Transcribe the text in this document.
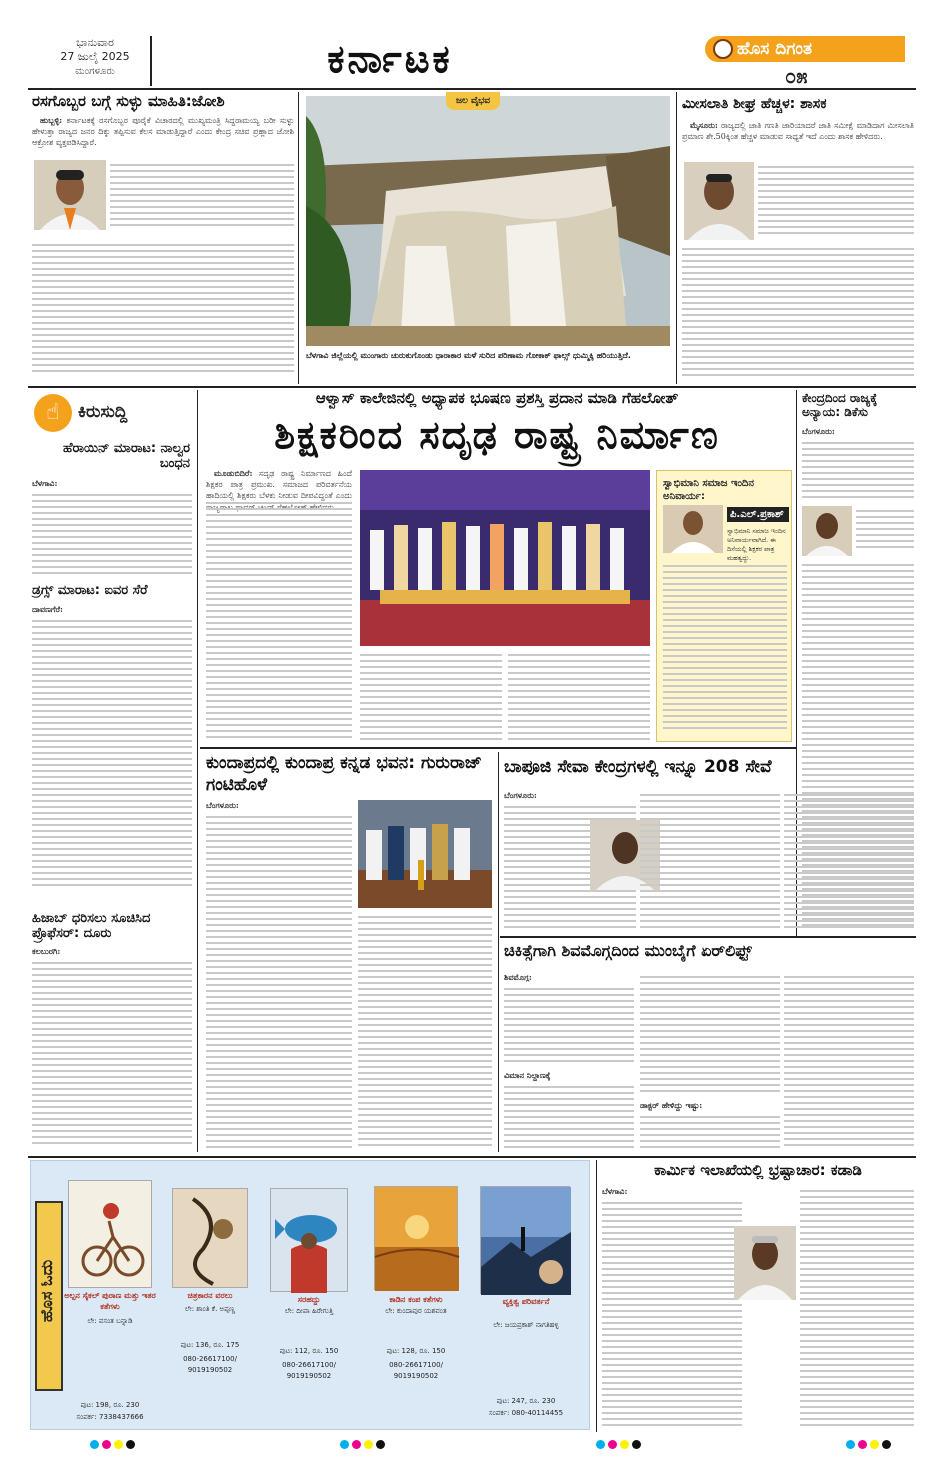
ಭಾನುವಾರ
27 ಜುಲೈ 2025
ಮಂಗಳೂರು	ಕರ್ನಾಟಕ	ಹೊಸ ದಿಗಂತ
೦೫
ರಸಗೊಬ್ಬರ ಬಗ್ಗೆ ಸುಳ್ಳು ಮಾಹಿತಿ:ಜೋಶಿ

ಹುಬ್ಬಳ್ಳಿ: ಕರ್ನಾಟಕಕ್ಕೆ ರಸಗೊಬ್ಬರ ಪೂರೈಕೆ ವಿಚಾರದಲ್ಲಿ ಮುಖ್ಯಮಂತ್ರಿ ಸಿದ್ದರಾಮಯ್ಯ ಬರೀ ಸುಳ್ಳು ಹೇಳುತ್ತಾ ರಾಜ್ಯದ ಜನರ ದಿಕ್ಕು ತಪ್ಪಿಸುವ ಕೆಲಸ ಮಾಡುತ್ತಿದ್ದಾರೆ ಎಂದು ಕೇಂದ್ರ ಸಚಿವ ಪ್ರಹ್ಲಾದ ಜೋಶಿ ಆಕ್ರೋಶ ವ್ಯಕ್ತಪಡಿಸಿದ್ದಾರೆ.

ಜಲ ವೈಭವ
ಬೆಳಗಾವಿ ಜಿಲ್ಲೆಯಲ್ಲಿ ಮುಂಗಾರು ಚುರುಕುಗೊಂಡು ಧಾರಾಕಾರ ಮಳೆ ಸುರಿದ ಪರಿಣಾಮ ಗೋಕಾಕ್ ಫಾಲ್ಸ್ ಧುಮ್ಮಿಕ್ಕಿ ಹರಿಯುತ್ತಿದೆ.
ಮೀಸಲಾತಿ ಶೀಘ್ರ ಹೆಚ್ಚಳ: ಶಾಸಕ

ಮೈಸೂರು: ರಾಜ್ಯದಲ್ಲಿ ಜಾತಿ ಗಣತಿ ಜಾರಿಯಾದರೆ ಜಾತಿ ಸಮೀಕ್ಷೆ ಮಾಡಿದಾಗ ಮೀಸಲಾತಿ ಪ್ರಮಾಣ ಶೇ.50ಕ್ಕಿಂತ ಹೆಚ್ಚಳ ಮಾಡುವ ಸಾಧ್ಯತೆ ಇದೆ ಎಂದು ಶಾಸಕ ಹೇಳಿದರು.

☝	ಕಿರುಸುದ್ದಿ
ಹೆರಾಯಿನ್ ಮಾರಾಟ: ನಾಲ್ವರ ಬಂಧನ
ಬೆಳಗಾವಿ:
ಡ್ರಗ್ಸ್ ಮಾರಾಟ: ಐವರ ಸೆರೆ
ದಾವಣಗೆರೆ:
ಹಿಜಾಬ್ ಧರಿಸಲು ಸೂಚಿಸಿದ ಪ್ರೊಫೆಸರ್: ದೂರು
ಕಲಬುರಗಿ:
ಆಳ್ವಾಸ್ ಕಾಲೇಜಿನಲ್ಲಿ ಅಧ್ಯಾಪಕ ಭೂಷಣ ಪ್ರಶಸ್ತಿ ಪ್ರದಾನ ಮಾಡಿ ಗೆಹಲೋತ್
ಶಿಕ್ಷಕರಿಂದ ಸದೃಢ ರಾಷ್ಟ್ರ ನಿರ್ಮಾಣ

ಮೂಡುಬಿದಿರೆ: ಸದೃಢ ರಾಷ್ಟ್ರ ನಿರ್ಮಾಣದ ಹಿಂದೆ ಶಿಕ್ಷಕರ ಪಾತ್ರ ಪ್ರಮುಖ. ಸಮಾಜದ ಪರಿವರ್ತನೆಯ ಹಾದಿಯಲ್ಲಿ ಶಿಕ್ಷಕರು ಬೆಳಕು ನೀಡುವ ದೀಪವಿದ್ದಂತೆ ಎಂದು

ಸ್ವಾಭಿಮಾನಿ ಸಮಾಜ ಇಂದಿನ ಅನಿವಾರ್ಯ:
ಪಿ.ಎಲ್.ಪ್ರಕಾಶ್
ಸ್ವಾಭಿಮಾನಿ ಸಮಾಜ ಇಂದಿನ ಅನಿವಾರ್ಯವಾಗಿದೆ. ಈ ದಿಸೆಯಲ್ಲಿ ಶಿಕ್ಷಕರ ಪಾತ್ರ ಮಹತ್ವದ್ದು.
ಕೇಂದ್ರದಿಂದ ರಾಜ್ಯಕ್ಕೆ ಅನ್ಯಾಯ: ಡಿಕೆಸು
ಬೆಂಗಳೂರು:
ಕುಂದಾಪ್ರದಲ್ಲಿ ಕುಂದಾಪ್ರ ಕನ್ನಡ ಭವನ: ಗುರುರಾಜ್ ಗಂಟಿಹೊಳೆ
ಬೆಂಗಳೂರು:
ಬಾಪೂಜಿ ಸೇವಾ ಕೇಂದ್ರಗಳಲ್ಲಿ ಇನ್ನೂ 208 ಸೇವೆ
ಬೆಂಗಳೂರು:
ಚಿಕಿತ್ಸೆಗಾಗಿ ಶಿವಮೊಗ್ಗದಿಂದ ಮುಂಬೈಗೆ ಏರ್‌ಲಿಫ್ಟ್
ಶಿವಮೊಗ್ಗ:
ವಿಮಾನ ನಿಲ್ದಾಣಕ್ಕೆ
ಡಾಕ್ಟರ್ ಹೇಳಿದ್ದು ಇಷ್ಟು:
ಹೊಸ ಓದು ಅಲ್ಪನ ಸೈಕಲ್ ಪುರಾಣ ಮತ್ತು ಇತರ ಕತೆಗಳು
ಲೇ: ವಸಂತ ಬನ್ನಾಡಿ
ಪುಟ: 198, ರೂ. 230
ಸಂಪರ್ಕ: 7338437666
ಚಿತ್ರಕಾರನ ವರಲು
ಲೇ: ಶಾಂತಿ ಕೆ. ಅಪ್ಪಣ್ಣ
ಪುಟ: 136, ರೂ. 175
080-26617100/ 9019190502
ಸರಹದ್ದು
ಲೇ: ದೀಪಾ ಹಿರೇಗುತ್ತಿ
ಪುಟ: 112, ರೂ. 150
080-26617100/ 9019190502
ಕಾಡಿನ ಕಂಪ ಕತೆಗಳು
ಲೇ: ಕುಂದಾಪುರ ಯಶವಂತ
ಪುಟ: 128, ರೂ. 150
080-26617100/ 9019190502
ವ್ಯಕ್ತಿತ್ವ ಪರಿವರ್ತನೆ
ಲೇ: ಜಯಪ್ರಕಾಶ್ ನಾಗತಿಹಳ್ಳಿ
ಪುಟ: 247, ರೂ. 230
ಸಂಪರ್ಕ: 080-40114455
ಕಾರ್ಮಿಕ ಇಲಾಖೆಯಲ್ಲಿ ಭ್ರಷ್ಟಾಚಾರ: ಕಡಾಡಿ
ಬೆಳಗಾವಿ:
